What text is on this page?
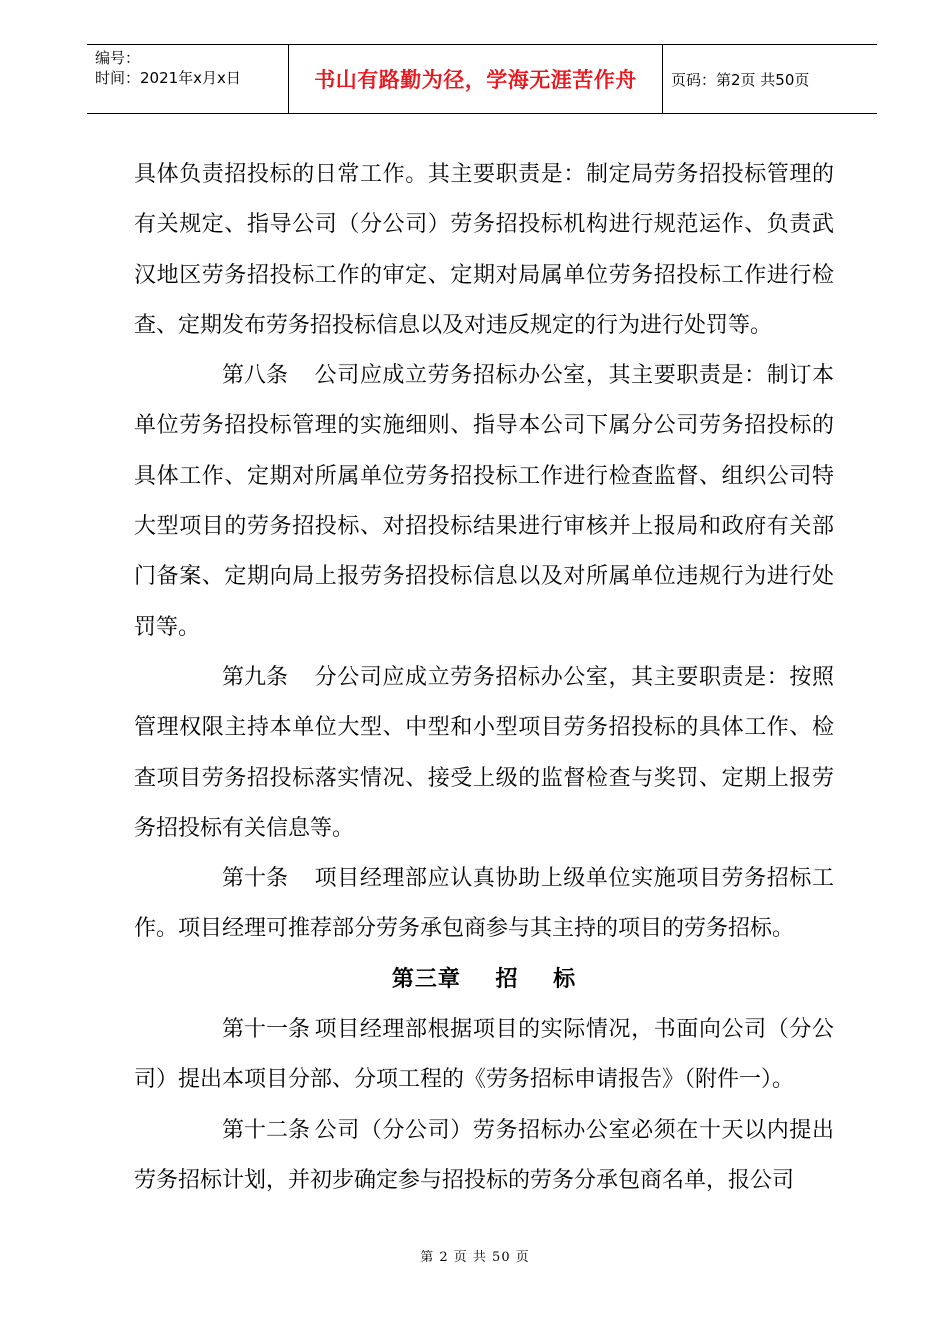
编号：
时间：2021年x月x日	书山有路勤为径，学海无涯苦作舟 页码：第2页 共50页

具体负责招投标的日常工作。其主要职责是：制定局劳务招投标管理的有关规定、指导公司（分公司）劳务招投标机构进行规范运作、负责武汉地区劳务招投标工作的审定、定期对局属单位劳务招投标工作进行检查、定期发布劳务招投标信息以及对违反规定的行为进行处罚等。

第八条 公司应成立劳务招标办公室，其主要职责是：制订本单位劳务招投标管理的实施细则、指导本公司下属分公司劳务招投标的具体工作、定期对所属单位劳务招投标工作进行检查监督、组织公司特大型项目的劳务招投标、对招投标结果进行审核并上报局和政府有关部门备案、定期向局上报劳务招投标信息以及对所属单位违规行为进行处罚等。

第九条 分公司应成立劳务招标办公室，其主要职责是：按照管理权限主持本单位大型、中型和小型项目劳务招投标的具体工作、检查项目劳务招投标落实情况、接受上级的监督检查与奖罚、定期上报劳务招投标有关信息等。

第十条 项目经理部应认真协助上级单位实施项目劳务招标工作。项目经理可推荐部分劳务承包商参与其主持的项目的劳务招标。

第三章    招    标

第十一条 项目经理部根据项目的实际情况，书面向公司（分公司）提出本项目分部、分项工程的《劳务招标申请报告》（附件一）。

第十二条 公司（分公司）劳务招标办公室必须在十天以内提出劳务招标计划，并初步确定参与招投标的劳务分承包商名单，报公司

第 2 页 共 50 页
